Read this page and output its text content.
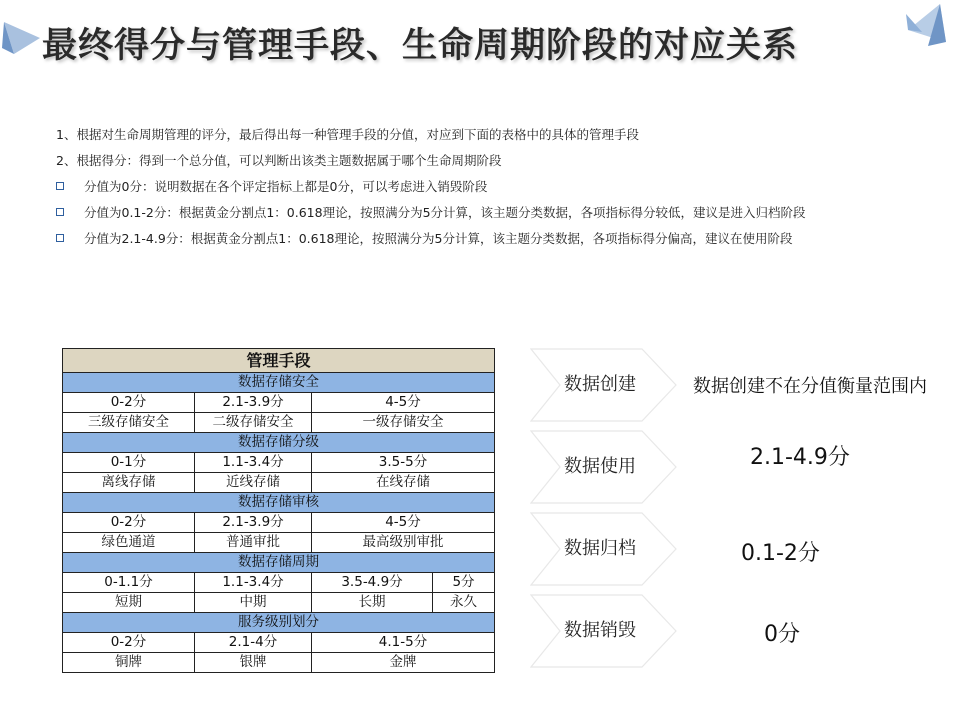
最终得分与管理手段、生命周期阶段的对应关系
1、根据对生命周期管理的评分，最后得出每一种管理手段的分值，对应到下面的表格中的具体的管理手段
2、根据得分：得到一个总分值，可以判断出该类主题数据属于哪个生命周期阶段
分值为0分：说明数据在各个评定指标上都是0分，可以考虑进入销毁阶段
分值为0.1-2分：根据黄金分割点1：0.618理论，按照满分为5分计算，该主题分类数据，各项指标得分较低，建议是进入归档阶段
分值为2.1-4.9分：根据黄金分割点1：0.618理论，按照满分为5分计算，该主题分类数据，各项指标得分偏高，建议在使用阶段
管理手段			
数据存储安全			
0-2分	2.1-3.9分	4-5分	
三级存储安全	二级存储安全	一级存储安全	
数据存储分级			
0-1分	1.1-3.4分	3.5-5分	
离线存储	近线存储	在线存储	
数据存储审核			
0-2分	2.1-3.9分	4-5分	
绿色通道	普通审批	最高级别审批	
数据存储周期			
0-1.1分	1.1-3.4分	3.5-4.9分	5分
短期	中期	长期	永久
服务级别划分			
0-2分	2.1-4分	4.1-5分	
铜牌	银牌	金牌	
数据创建
数据使用
数据归档
数据销毁
数据创建不在分值衡量范围内
2.1-4.9分
0.1-2分
0分
